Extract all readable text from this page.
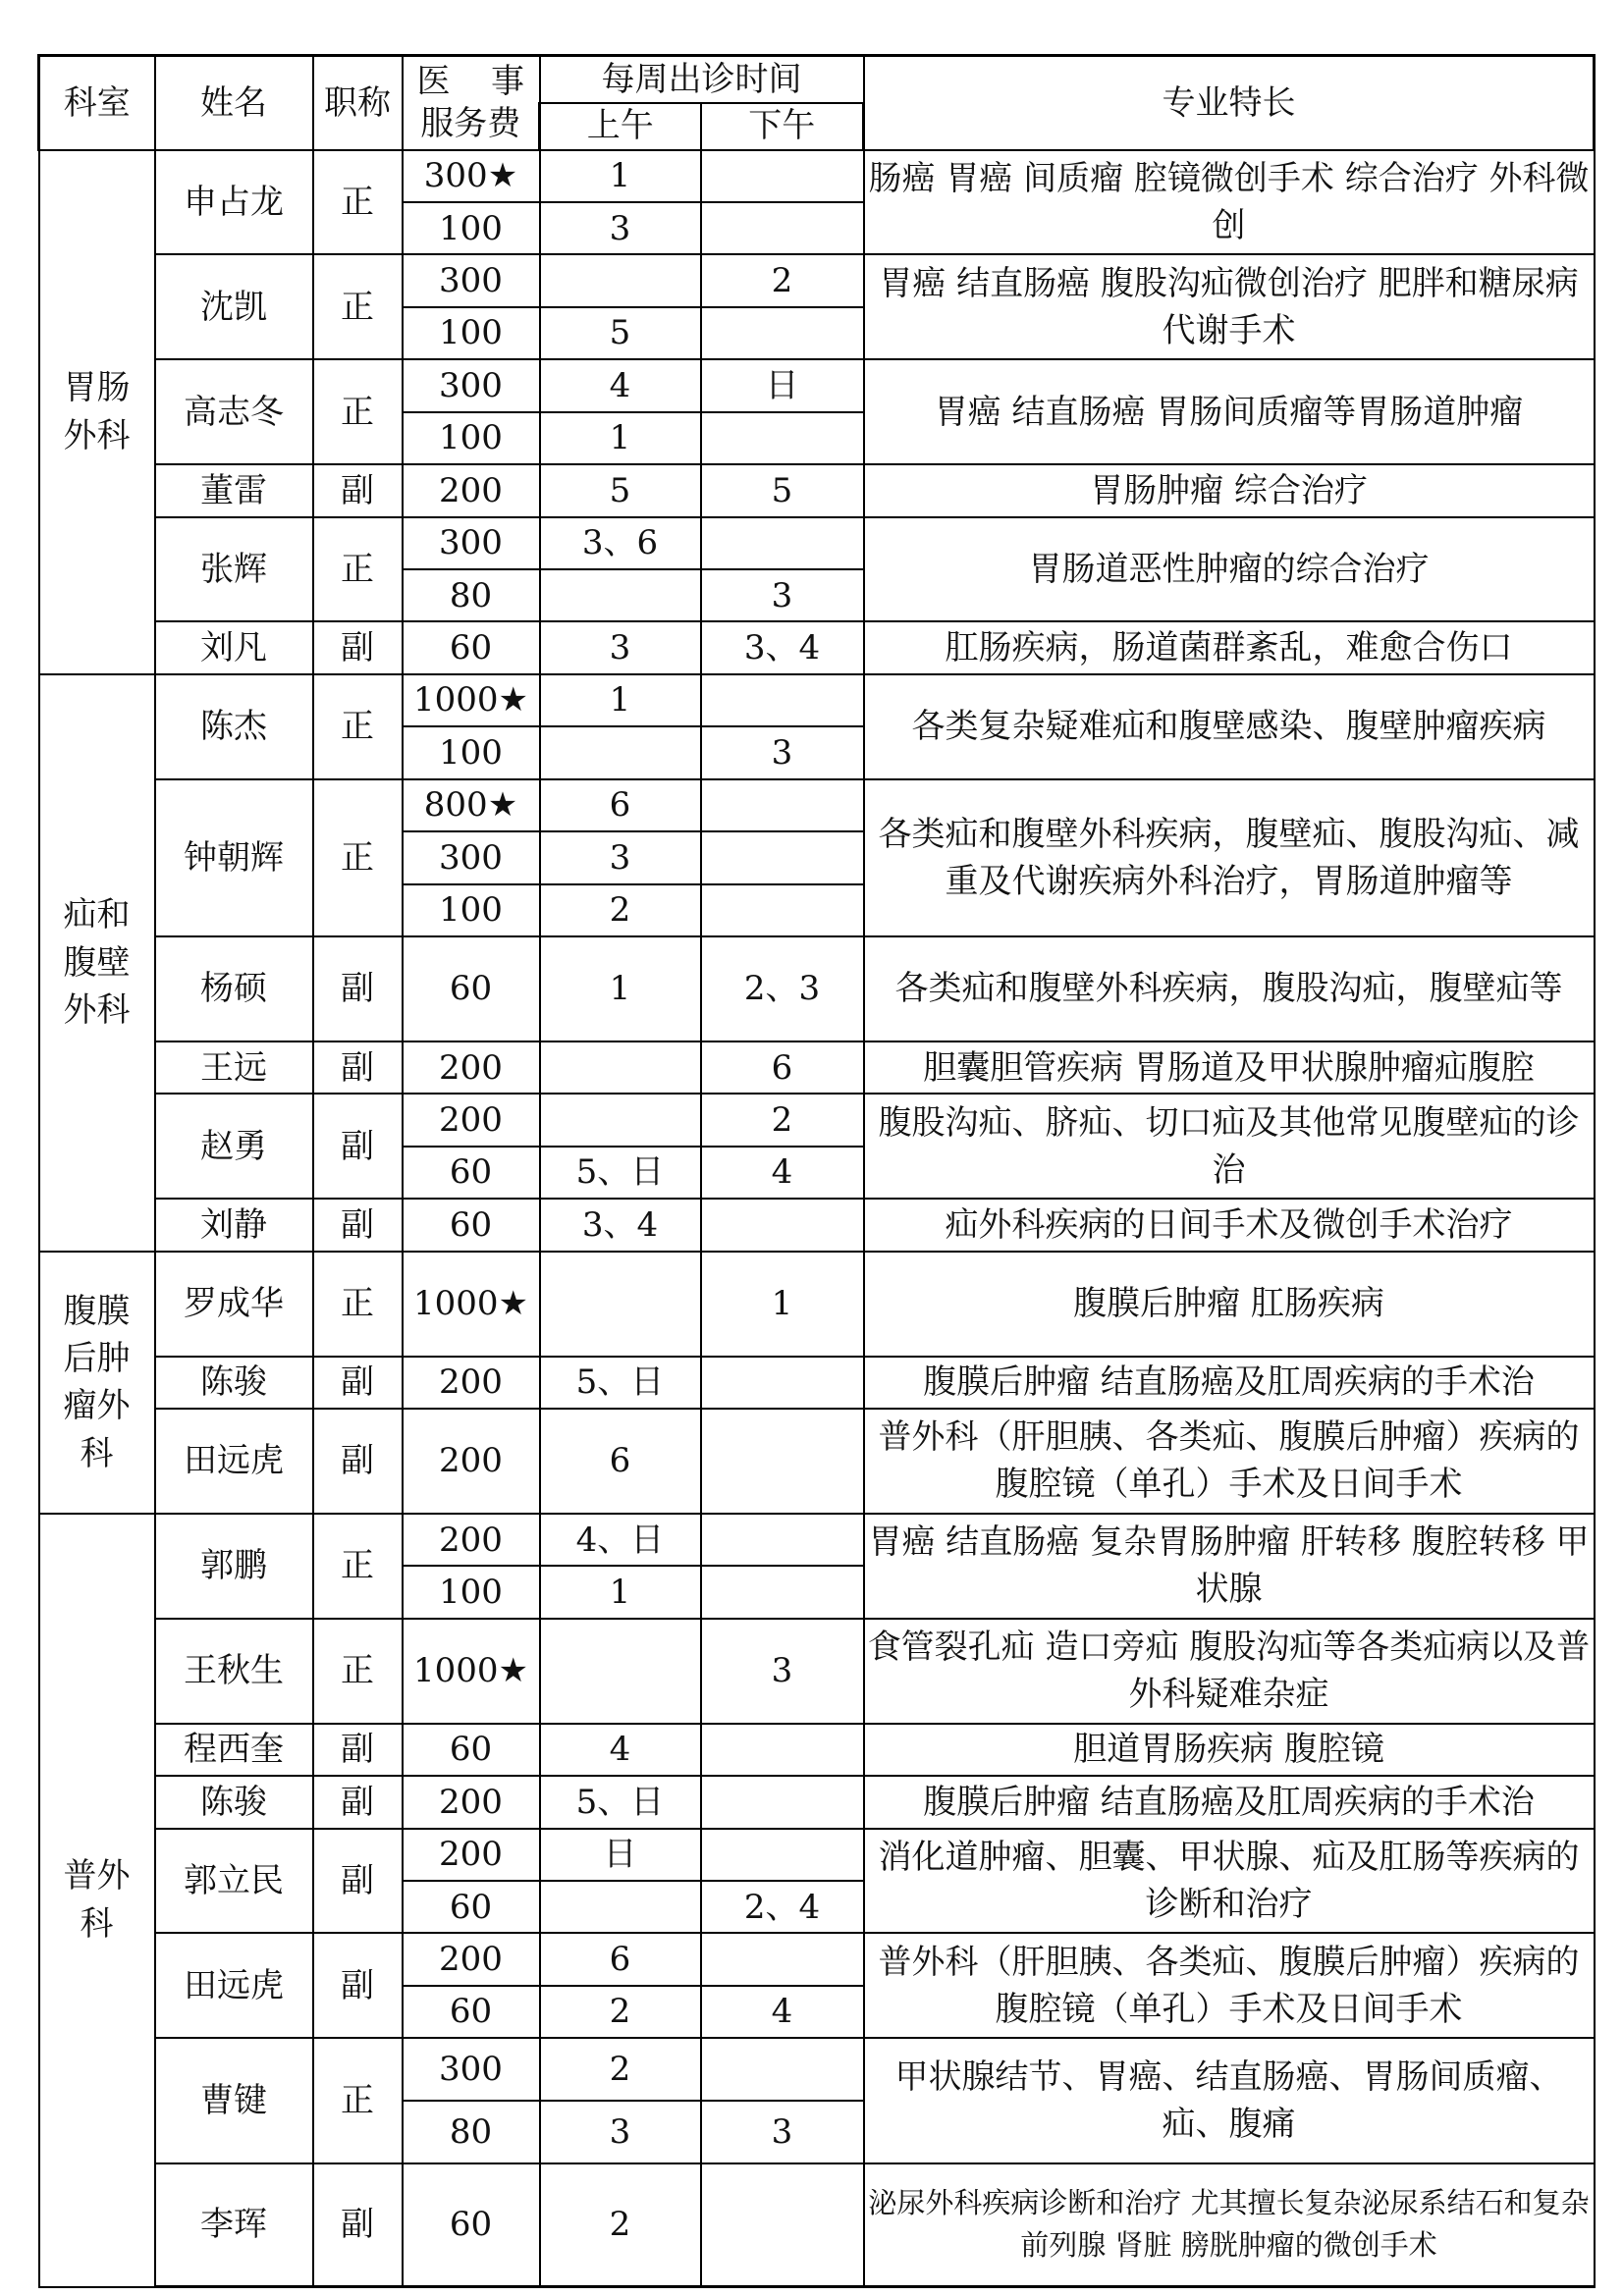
科室	姓名	职称	医 事
服务费	每周出诊时间		专业特长
				上午	下午	
胃肠外科	申占龙	正	300★	1		肠癌 胃癌 间质瘤 腔镜微创手术 综合治疗 外科微创
			100	3		
	沈凯	正	300		2	胃癌 结直肠癌 腹股沟疝微创治疗 肥胖和糖尿病代谢手术
			100	5		
	高志冬	正	300	4	日	胃癌 结直肠癌 胃肠间质瘤等胃肠道肿瘤
			100	1		
	董雷	副	200	5	5	胃肠肿瘤 综合治疗
	张辉	正	300	3、6		胃肠道恶性肿瘤的综合治疗
			80		3	
	刘凡	副	60	3	3、4	肛肠疾病，肠道菌群紊乱，难愈合伤口
疝和腹壁外科	陈杰	正	1000★	1		各类复杂疑难疝和腹壁感染、腹壁肿瘤疾病
			100		3	
	钟朝辉	正	800★	6		各类疝和腹壁外科疾病，腹壁疝、腹股沟疝、减重及代谢疾病外科治疗，胃肠道肿瘤等
			300	3		
			100	2		
	杨硕	副	60	1	2、3	各类疝和腹壁外科疾病，腹股沟疝，腹壁疝等
	王远	副	200		6	胆囊胆管疾病 胃肠道及甲状腺肿瘤疝腹腔
	赵勇	副	200		2	腹股沟疝、脐疝、切口疝及其他常见腹壁疝的诊治
			60	5、日	4	
	刘静	副	60	3、4		疝外科疾病的日间手术及微创手术治疗
腹膜后肿瘤外科	罗成华	正	1000★		1	腹膜后肿瘤 肛肠疾病
	陈骏	副	200	5、日		腹膜后肿瘤 结直肠癌及肛周疾病的手术治
	田远虎	副	200	6		普外科（肝胆胰、各类疝、腹膜后肿瘤）疾病的腹腔镜（单孔）手术及日间手术
普外科	郭鹏	正	200	4、日		胃癌 结直肠癌 复杂胃肠肿瘤 肝转移 腹腔转移 甲状腺
			100	1		
	王秋生	正	1000★		3	食管裂孔疝 造口旁疝 腹股沟疝等各类疝病以及普外科疑难杂症
	程西奎	副	60	4		胆道胃肠疾病 腹腔镜
	陈骏	副	200	5、日		腹膜后肿瘤 结直肠癌及肛周疾病的手术治
	郭立民	副	200	日		消化道肿瘤、胆囊、甲状腺、疝及肛肠等疾病的诊断和治疗
			60		2、4	
	田远虎	副	200	6		普外科（肝胆胰、各类疝、腹膜后肿瘤）疾病的腹腔镜（单孔）手术及日间手术
			60	2	4	
	曹键	正	300	2		甲状腺结节、胃癌、结直肠癌、胃肠间质瘤、疝、腹痛
			80	3	3	
	李珲	副	60	2		泌尿外科疾病诊断和治疗 尤其擅长复杂泌尿系结石和复杂前列腺 肾脏 膀胱肿瘤的微创手术
